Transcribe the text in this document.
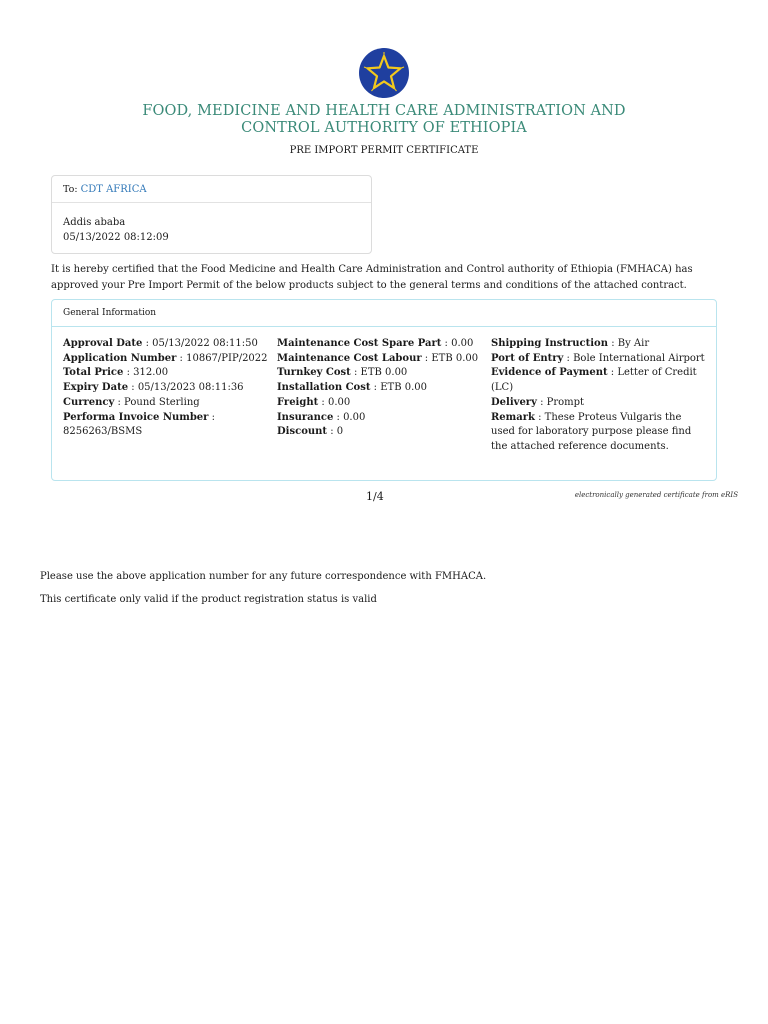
FOOD, MEDICINE AND HEALTH CARE ADMINISTRATION AND
CONTROL AUTHORITY OF ETHIOPIA
PRE IMPORT PERMIT CERTIFICATE
To: CDT AFRICA
Addis ababa
05/13/2022 08:12:09
It is hereby certified that the Food Medicine and Health Care Administration and Control authority of Ethiopia (FMHACA) has approved your Pre Import Permit of the below products subject to the general terms and conditions of the attached contract.
General Information
Approval Date : 05/13/2022 08:11:50
Application Number : 10867/PIP/2022
Total Price : 312.00
Expiry Date : 05/13/2023 08:11:36
Currency : Pound Sterling
Performa Invoice Number : 8256263/BSMS
Maintenance Cost Spare Part : 0.00
Maintenance Cost Labour : ETB 0.00
Turnkey Cost : ETB 0.00
Installation Cost : ETB 0.00
Freight : 0.00
Insurance : 0.00
Discount : 0
Shipping Instruction : By Air
Port of Entry : Bole International Airport
Evidence of Payment : Letter of Credit (LC)
Delivery : Prompt
Remark : These Proteus Vulgaris the used for laboratory purpose please find the attached reference documents.
1/4	electronically generated certificate from eRIS
Please use the above application number for any future correspondence with FMHACA.
This certificate only valid if the product registration status is valid
